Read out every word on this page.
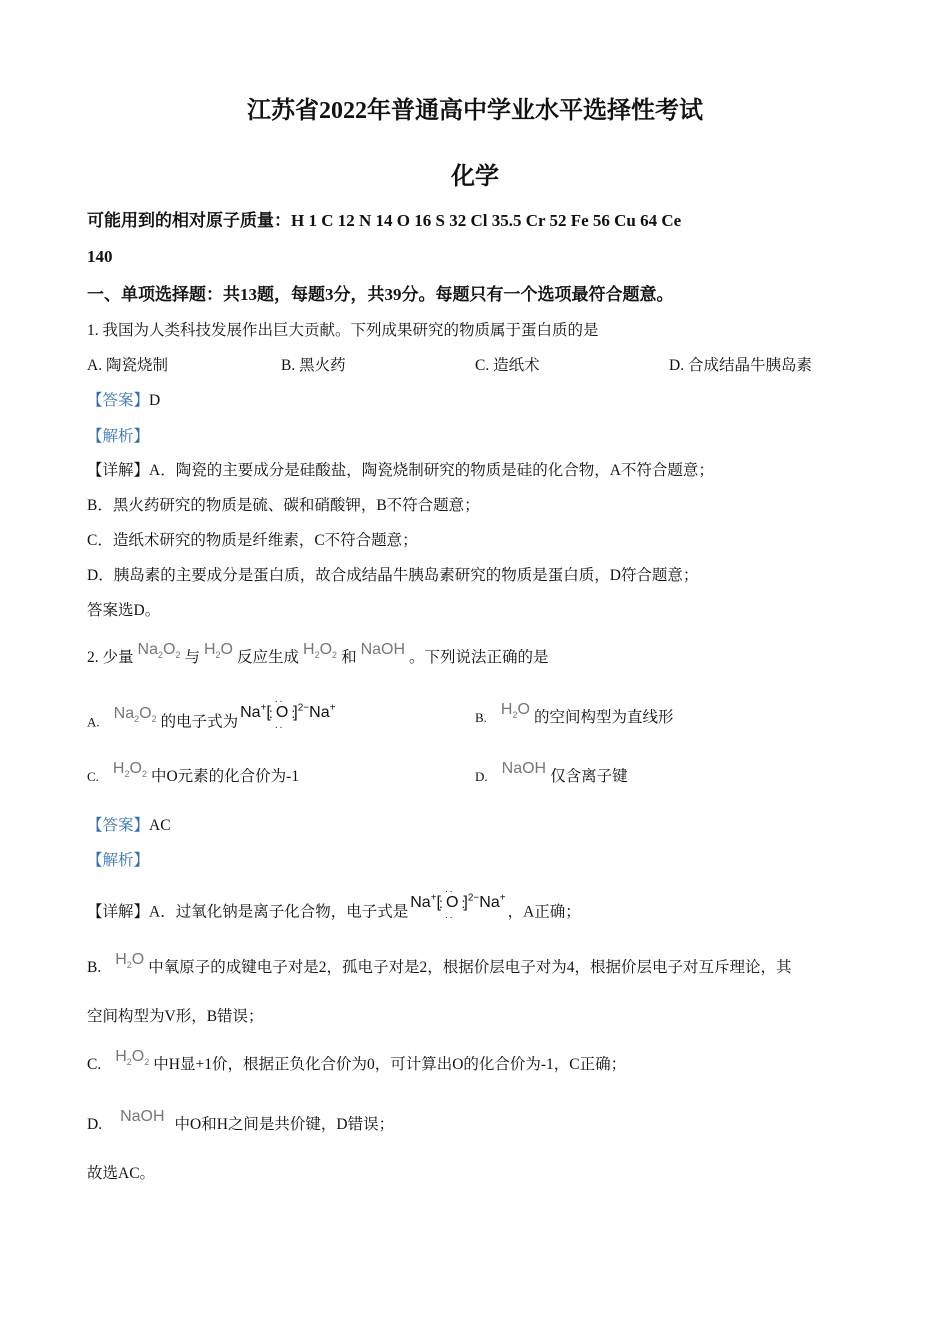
江苏省2022年普通高中学业水平选择性考试
化学
可能用到的相对原子质量：H 1 C 12 N 14 O 16 S 32 Cl 35.5 Cr 52 Fe 56 Cu 64 Ce
140
一、单项选择题：共13题，每题3分，共39分。每题只有一个选项最符合题意。
1. 我国为人类科技发展作出巨大贡献。下列成果研究的物质属于蛋白质的是
A. 陶瓷烧制	B. 黑火药	C. 造纸术	D. 合成结晶牛胰岛素
【答案】D
【解析】
【详解】A．陶瓷的主要成分是硅酸盐，陶瓷烧制研究的物质是硅的化合物，A不符合题意；
B．黑火药研究的物质是硫、碳和硝酸钾，B不符合题意；
C．造纸术研究的物质是纤维素，C不符合题意；
D．胰岛素的主要成分是蛋白质，故合成结晶牛胰岛素研究的物质是蛋白质，D符合题意；
答案选D。
2. 少量 $Na_2O_2$ 与 $H_2O$ 反应生成 $H_2O_2$ 和 NaOH 。下列说法正确的是
A. $Na_2O_2$ 的电子式为Na+[
: ..
O
..
:]$^{2-}$Na+
B. $H_2O$ 的空间构型为直线形
C. $H_2O_2$ 中O元素的化合价为-1	D. NaOH 仅含离子键
【答案】AC
【解析】
【详解】A．过氧化钠是离子化合物，电子式是Na+[
: ..
O
..
:]$^{2-}$Na+，A正确；
B. $H_2O$ 中氧原子的成键电子对是2，孤电子对是2，根据价层电子对为4，根据价层电子对互斥理论，其
空间构型为V形，B错误；
C. $H_2O_2$ 中H显+1价，根据正负化合价为0，可计算出O的化合价为-1，C正确；
D. NaOH 中O和H之间是共价键，D错误；
故选AC。
